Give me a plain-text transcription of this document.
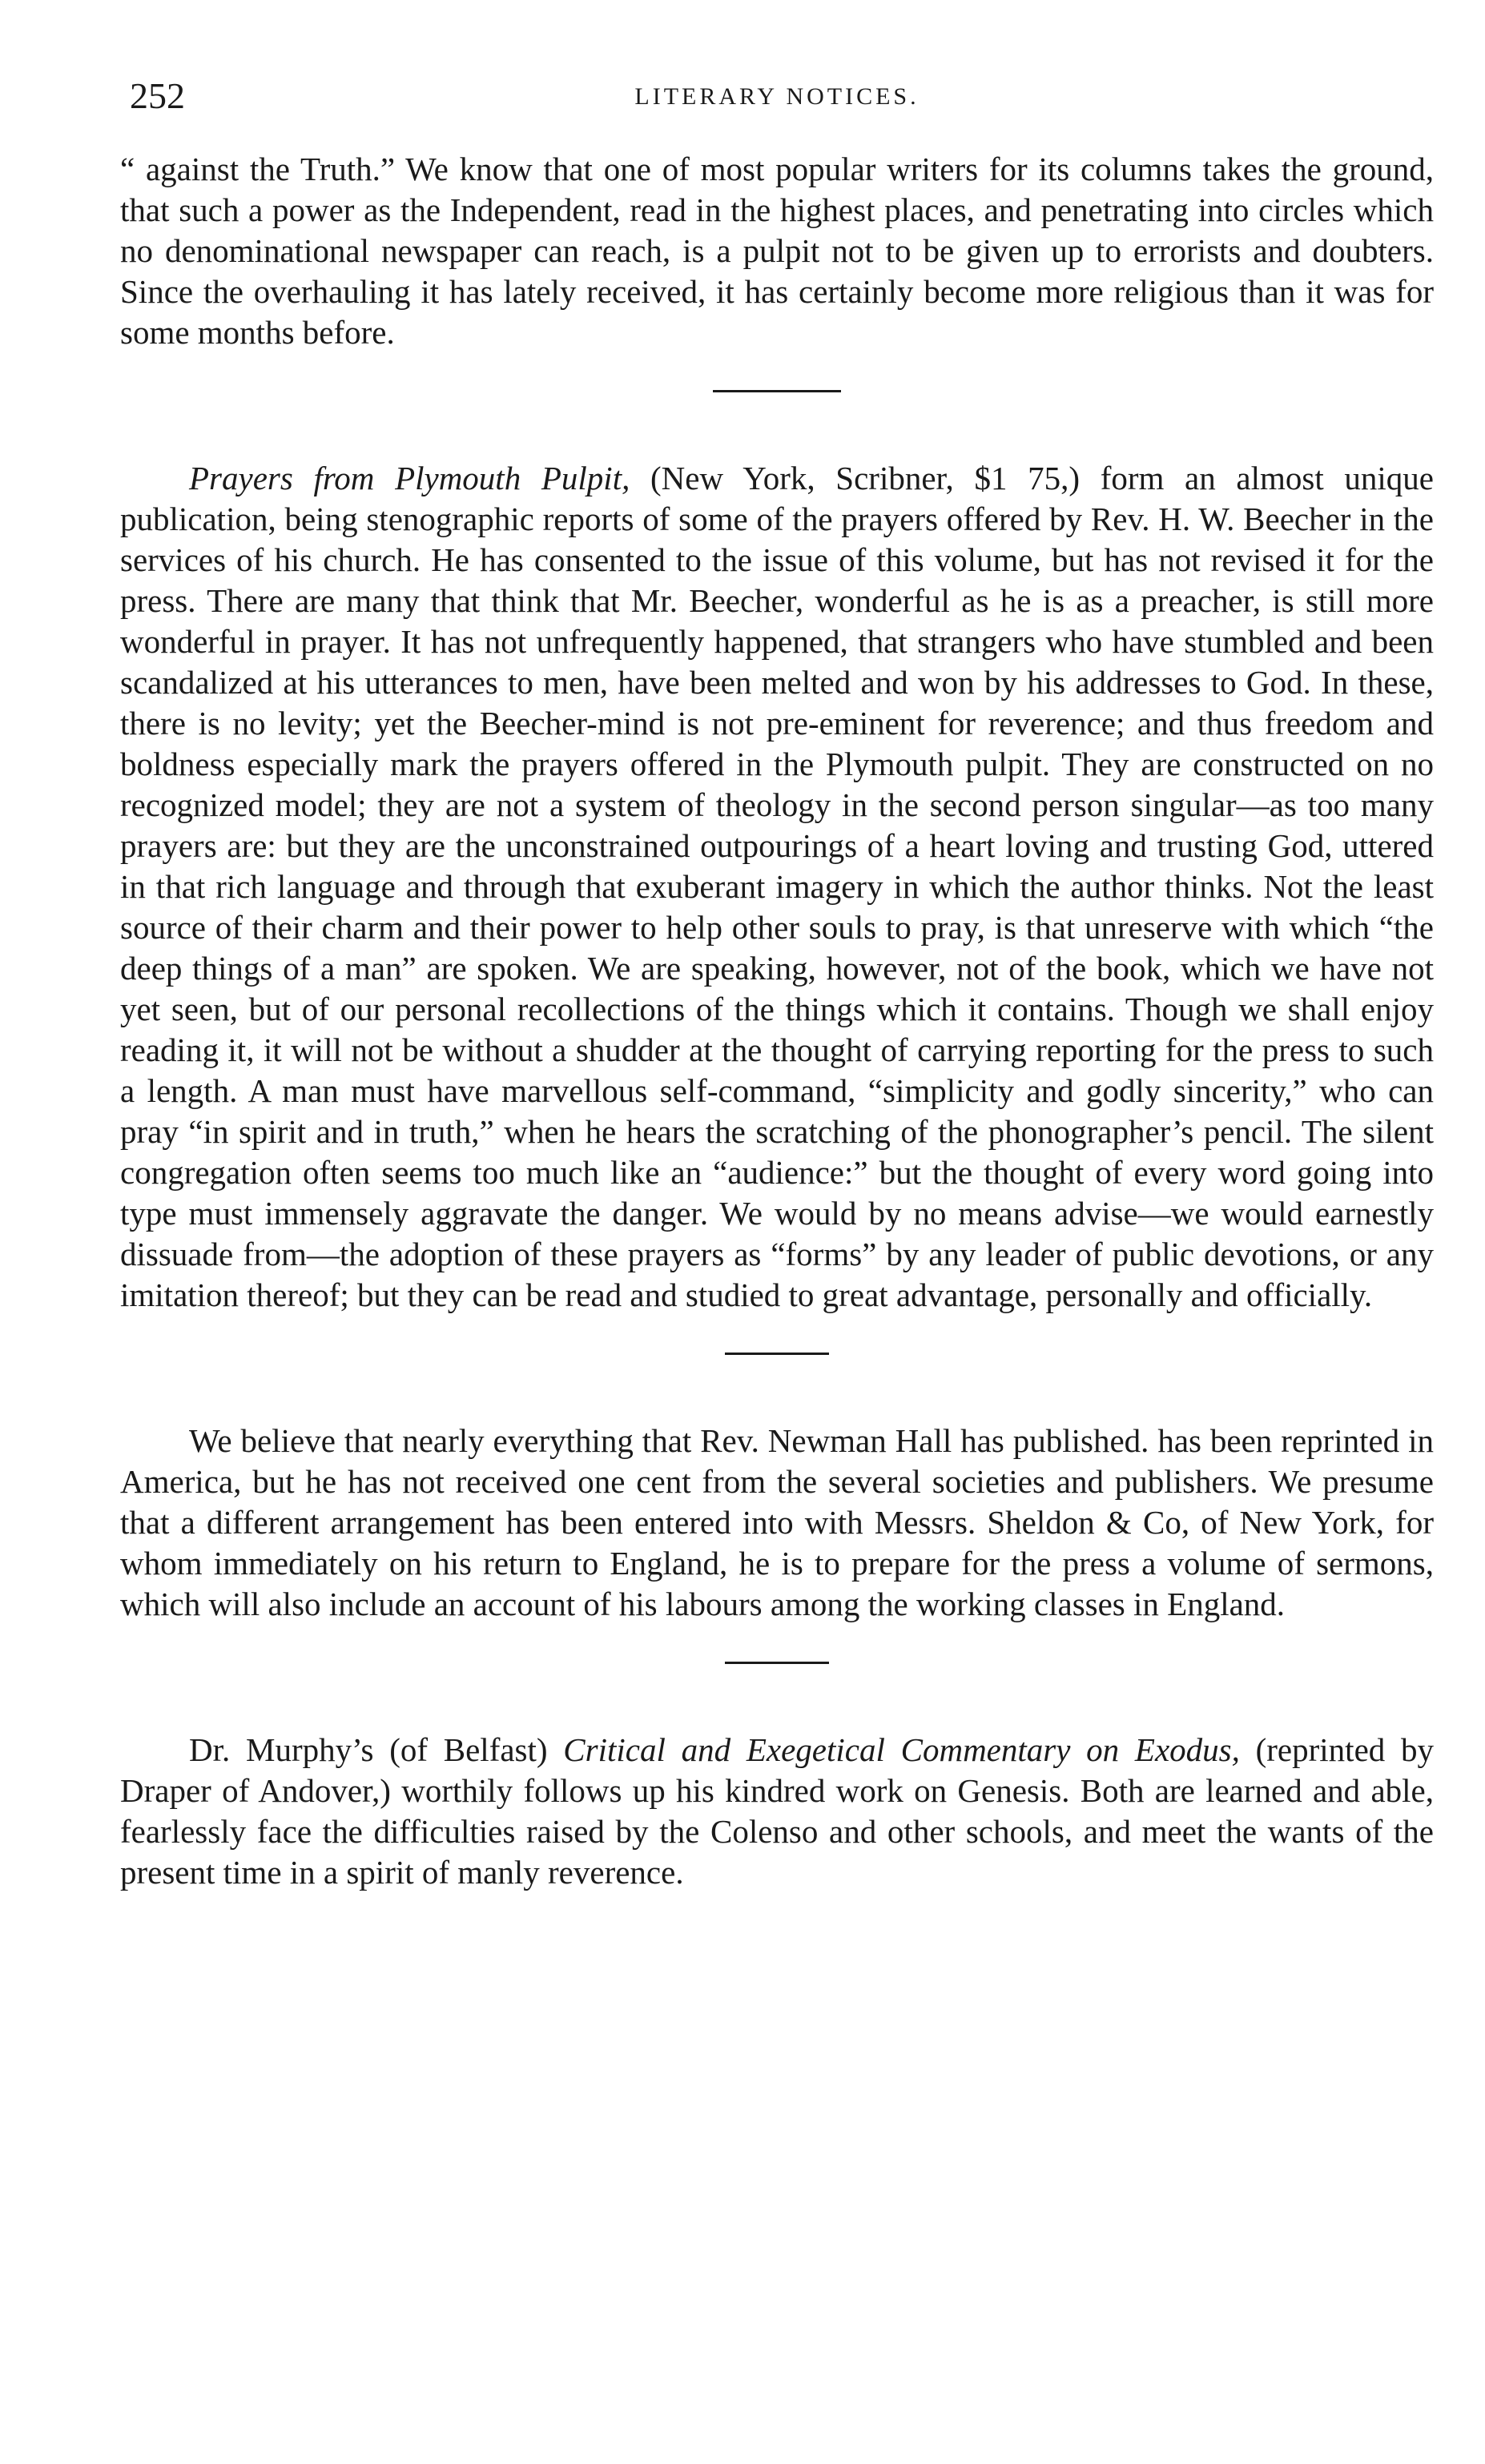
252	LITERARY NOTICES.

“ against the Truth.” We know that one of most popular writers for its columns takes the ground, that such a power as the Independent, read in the highest places, and penetrating into circles which no denominational newspaper can reach, is a pulpit not to be given up to errorists and doubters. Since the overhauling it has lately received, it has certainly become more religious than it was for some months before.

Prayers from Plymouth Pulpit, (New York, Scribner, $1 75,) form an almost unique publication, being stenographic reports of some of the prayers offered by Rev. H. W. Beecher in the services of his church. He has consented to the issue of this volume, but has not revised it for the press. There are many that think that Mr. Beecher, wonderful as he is as a preacher, is still more wonderful in prayer. It has not unfrequently happened, that strangers who have stumbled and been scandalized at his utterances to men, have been melted and won by his addresses to God. In these, there is no levity; yet the Beecher-mind is not pre-eminent for reverence; and thus freedom and boldness especially mark the prayers offered in the Plymouth pulpit. They are constructed on no recognized model; they are not a system of theology in the second person singular—as too many prayers are: but they are the unconstrained outpourings of a heart loving and trusting God, uttered in that rich language and through that exuberant imagery in which the author thinks. Not the least source of their charm and their power to help other souls to pray, is that unreserve with which “the deep things of a man” are spoken. We are speaking, however, not of the book, which we have not yet seen, but of our personal recollections of the things which it contains. Though we shall enjoy reading it, it will not be without a shudder at the thought of carrying reporting for the press to such a length. A man must have marvellous self-command, “simplicity and godly sincerity,” who can pray “in spirit and in truth,” when he hears the scratching of the phonographer’s pencil. The silent congregation often seems too much like an “audience:” but the thought of every word going into type must immensely aggravate the danger. We would by no means advise—we would earnestly dissuade from—the adoption of these prayers as “forms” by any leader of public devotions, or any imitation thereof; but they can be read and studied to great advantage, personally and officially.

We believe that nearly everything that Rev. Newman Hall has published. has been reprinted in America, but he has not received one cent from the several societies and publishers. We presume that a different arrangement has been entered into with Messrs. Sheldon & Co, of New York, for whom immediately on his return to England, he is to prepare for the press a volume of sermons, which will also include an account of his labours among the working classes in England.

Dr. Murphy’s (of Belfast) Critical and Exegetical Commentary on Exodus, (reprinted by Draper of Andover,) worthily follows up his kindred work on Genesis. Both are learned and able, fearlessly face the difficulties raised by the Colenso and other schools, and meet the wants of the present time in a spirit of manly reverence.
